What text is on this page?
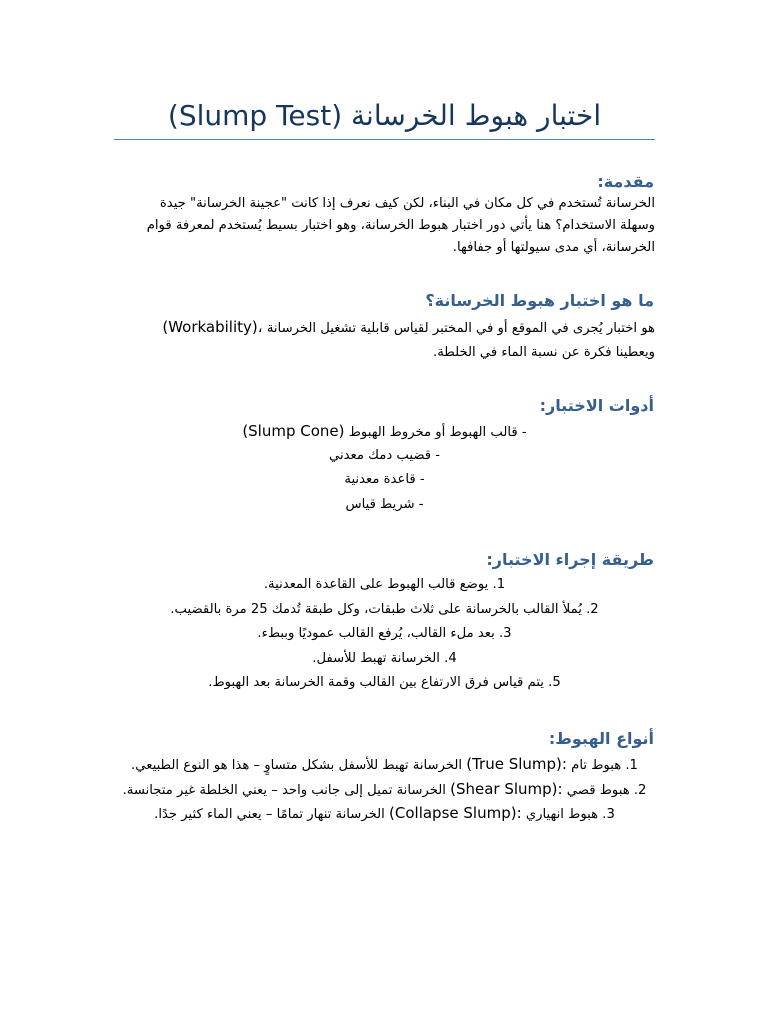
اختبار هبوط الخرسانة (Slump Test)
مقدمة:
الخرسانة تُستخدم في كل مكان في البناء، لكن كيف نعرف إذا كانت "عجينة الخرسانة" جيدة
وسهلة الاستخدام؟ هنا يأتي دور اختبار هبوط الخرسانة، وهو اختبار بسيط يُستخدم لمعرفة قوام
الخرسانة، أي مدى سيولتها أو جفافها.
ما هو اختبار هبوط الخرسانة؟
هو اختبار يُجرى في الموقع أو في المختبر لقياس قابلية تشغيل الخرسانة (Workability)،
ويعطينا فكرة عن نسبة الماء في الخلطة.
أدوات الاختبار:
- قالب الهبوط أو مخروط الهبوط (Slump Cone)
- قضيب دمك معدني
- قاعدة معدنية
- شريط قياس
طريقة إجراء الاختبار:
1. يوضع قالب الهبوط على القاعدة المعدنية.
2. يُملأ القالب بالخرسانة على ثلاث طبقات، وكل طبقة تُدمك 25 مرة بالقضيب.
3. بعد ملء القالب، يُرفع القالب عموديًا وببطء.
4. الخرسانة تهبط للأسفل.
5. يتم قياس فرق الارتفاع بين القالب وقمة الخرسانة بعد الهبوط.
أنواع الهبوط:
1. هبوط تام (True Slump): الخرسانة تهبط للأسفل بشكل متساوٍ – هذا هو النوع الطبيعي.
2. هبوط قصي (Shear Slump): الخرسانة تميل إلى جانب واحد – يعني الخلطة غير متجانسة.
3. هبوط انهياري (Collapse Slump): الخرسانة تنهار تمامًا – يعني الماء كثير جدًا.
